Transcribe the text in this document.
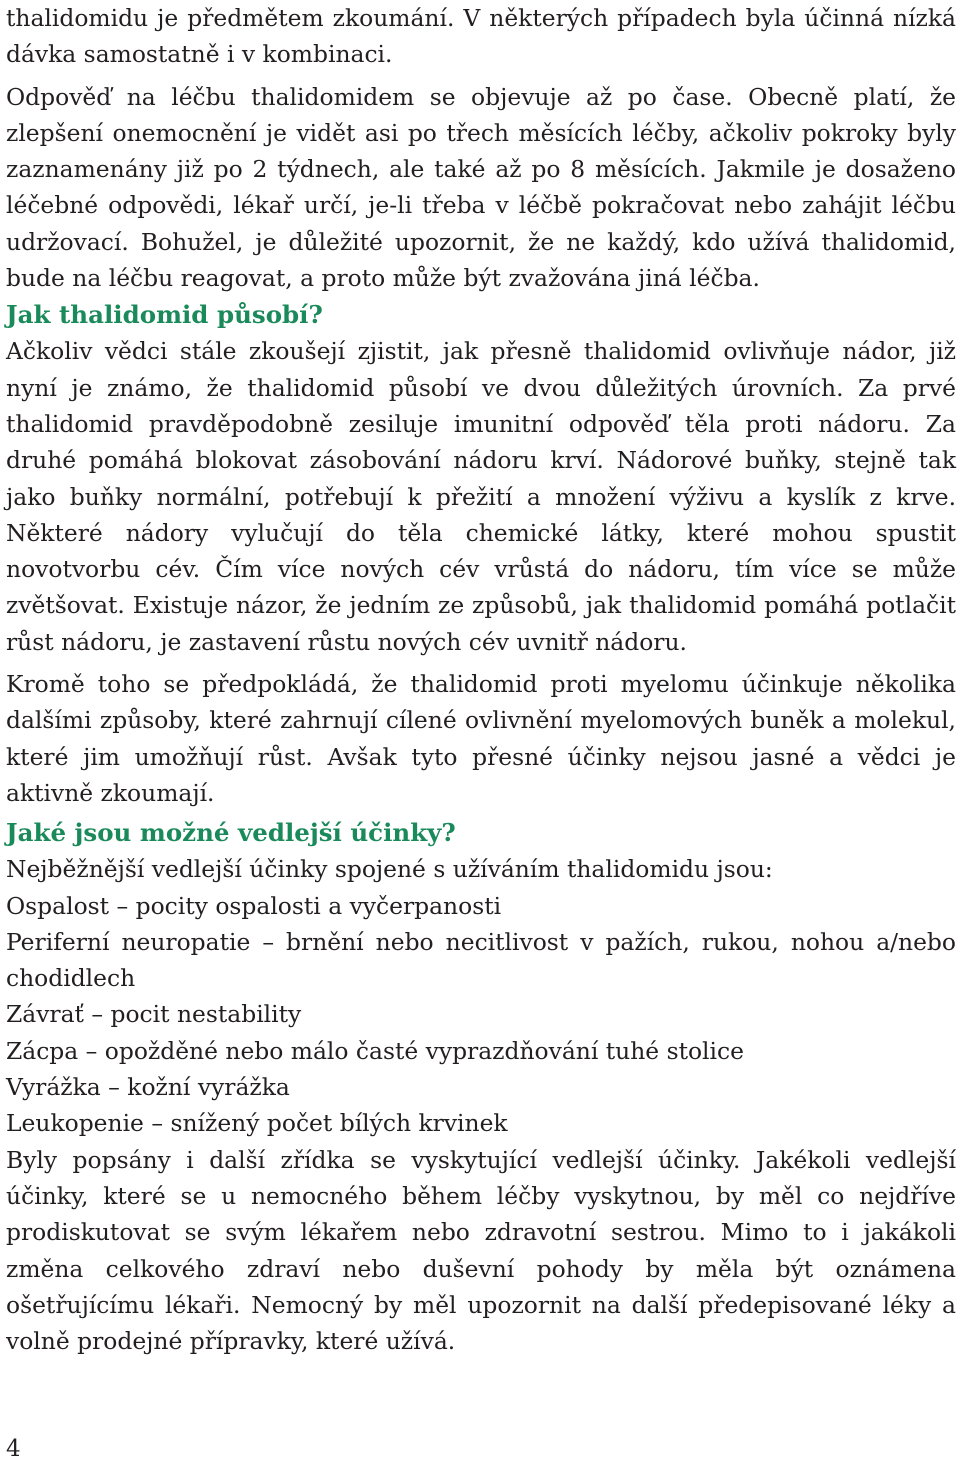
thalidomidu je předmětem zkoumání. V některých případech byla účinná nízká dávka samostatně i v kombinaci.

Odpověď na léčbu thalidomidem se objevuje až po čase. Obecně platí, že zlepšení onemocnění je vidět asi po třech měsících léčby, ačkoliv pokroky byly zaznamenány již po 2 týdnech, ale také až po 8 měsících. Jakmile je dosaženo léčebné odpovědi, lékař určí, je-li třeba v léčbě pokračovat nebo zahájit léčbu udržovací. Bohužel, je důležité upozornit, že ne každý, kdo užívá thalidomid, bude na léčbu reagovat, a proto může být zvažována jiná léčba.

Jak thalidomid působí?

Ačkoliv vědci stále zkoušejí zjistit, jak přesně thalidomid ovlivňuje nádor, již nyní je známo, že thalidomid působí ve dvou důležitých úrovních. Za prvé thalidomid pravděpodobně zesiluje imunitní odpověď těla proti nádoru. Za druhé pomáhá blokovat zásobování nádoru krví. Nádorové buňky, stejně tak jako buňky normální, potřebují k přežití a množení výživu a kyslík z krve. Některé nádory vylučují do těla chemické látky, které mohou spustit novotvorbu cév. Čím více nových cév vrůstá do nádoru, tím více se může zvětšovat. Existuje názor, že jedním ze způsobů, jak thalidomid pomáhá potlačit růst nádoru, je zastavení růstu nových cév uvnitř nádoru.

Kromě toho se předpokládá, že thalidomid proti myelomu účinkuje několika dalšími způsoby, které zahrnují cílené ovlivnění myelomových buněk a molekul, které jim umožňují růst. Avšak tyto přesné účinky nejsou jasné a vědci je aktivně zkoumají.

Jaké jsou možné vedlejší účinky?

Nejběžnější vedlejší účinky spojené s užíváním thalidomidu jsou:

Ospalost – pocity ospalosti a vyčerpanosti

Periferní neuropatie – brnění nebo necitlivost v pažích, rukou, nohou a/nebo chodidlech

Závrať – pocit nestability

Zácpa – opožděné nebo málo časté vyprazdňování tuhé stolice

Vyrážka – kožní vyrážka

Leukopenie – snížený počet bílých krvinek

Byly popsány i další zřídka se vyskytující vedlejší účinky. Jakékoli vedlejší účinky, které se u nemocného během léčby vyskytnou, by měl co nejdříve prodiskutovat se svým lékařem nebo zdravotní sestrou. Mimo to i jakákoli změna celkového zdraví nebo duševní pohody by měla být oznámena ošetřujícímu lékaři. Nemocný by měl upozornit na další předepisované léky a volně prodejné přípravky, které užívá.

4
